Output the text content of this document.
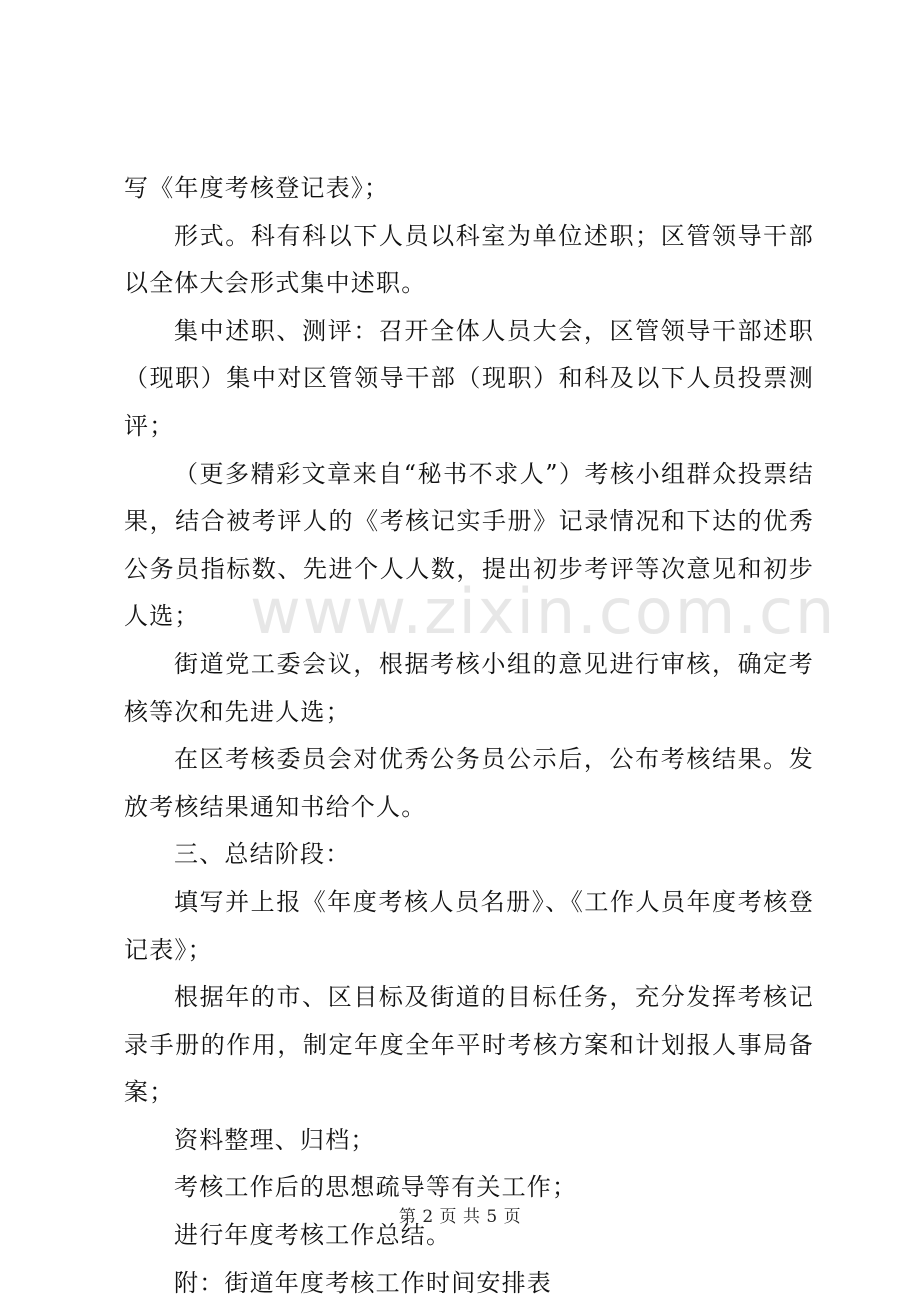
www.zixin.com.cn

写《年度考核登记表》；

形式。科有科以下人员以科室为单位述职；区管领导干部以全体大会形式集中述职。

集中述职、测评：召开全体人员大会，区管领导干部述职（现职）集中对区管领导干部（现职）和科及以下人员投票测评；

（更多精彩文章来自“秘书不求人”）考核小组群众投票结果，结合被考评人的《考核记实手册》记录情况和下达的优秀公务员指标数、先进个人人数，提出初步考评等次意见和初步人选；

街道党工委会议，根据考核小组的意见进行审核，确定考核等次和先进人选；

在区考核委员会对优秀公务员公示后，公布考核结果。发放考核结果通知书给个人。

三、总结阶段：

填写并上报《年度考核人员名册》、《工作人员年度考核登记表》；

根据年的市、区目标及街道的目标任务，充分发挥考核记录手册的作用，制定年度全年平时考核方案和计划报人事局备案；

资料整理、归档；

考核工作后的思想疏导等有关工作；

进行年度考核工作总结。

附：街道年度考核工作时间安排表

第 2 页 共 5 页
